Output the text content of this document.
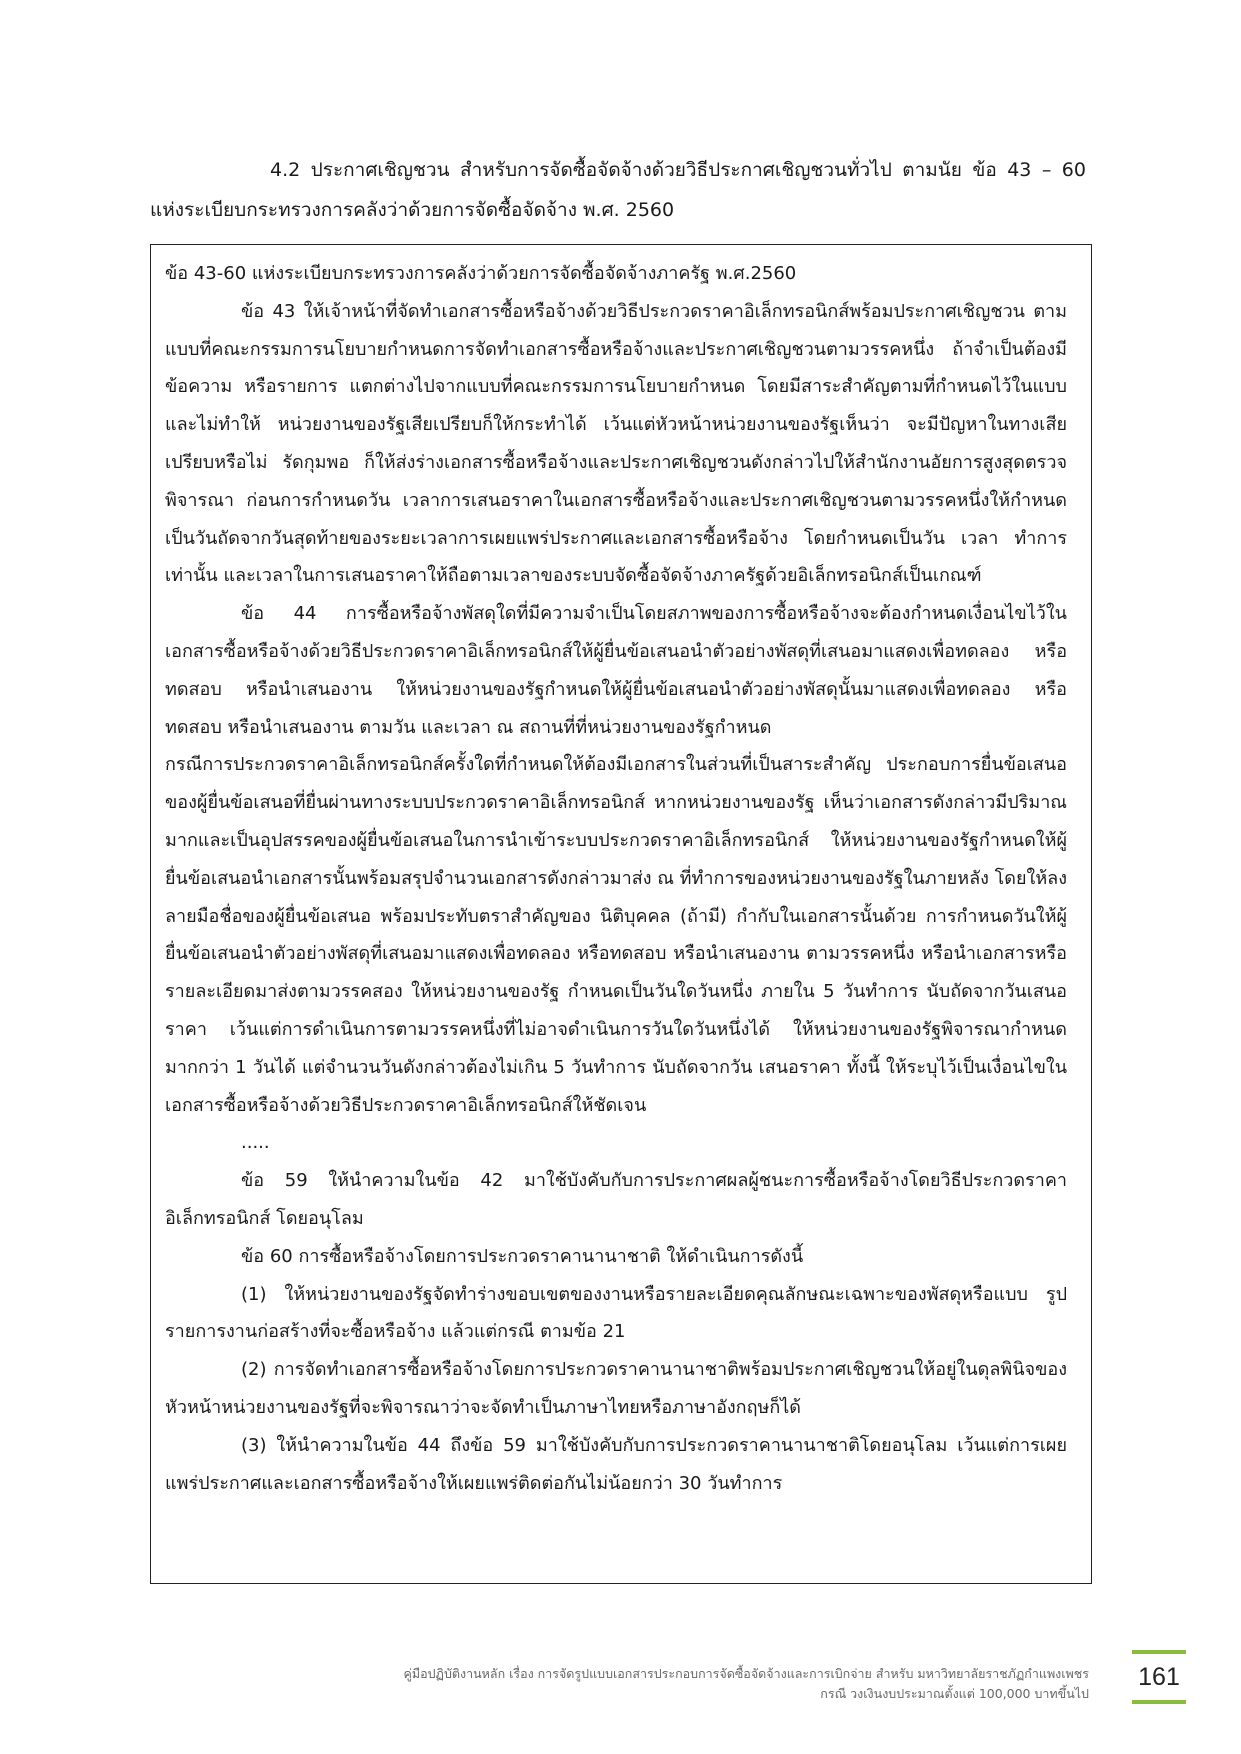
4.2 ประกาศเชิญชวน สำหรับการจัดซื้อจัดจ้างด้วยวิธีประกาศเชิญชวนทั่วไป ตามนัย ข้อ 43 – 60 แห่งระเบียบกระทรวงการคลังว่าด้วยการจัดซื้อจัดจ้าง พ.ศ. 2560

ข้อ 43-60 แห่งระเบียบกระทรวงการคลังว่าด้วยการจัดซื้อจัดจ้างภาครัฐ พ.ศ.2560

ข้อ 43 ให้เจ้าหน้าที่จัดทำเอกสารซื้อหรือจ้างด้วยวิธีประกวดราคาอิเล็กทรอนิกส์พร้อมประกาศเชิญชวน ตามแบบที่คณะกรรมการนโยบายกำหนดการจัดทำเอกสารซื้อหรือจ้างและประกาศเชิญชวนตามวรรคหนึ่ง ถ้าจำเป็นต้องมีข้อความ หรือรายการ แตกต่างไปจากแบบที่คณะกรรมการนโยบายกำหนด โดยมีสาระสำคัญตามที่กำหนดไว้ในแบบและไม่ทำให้ หน่วยงานของรัฐเสียเปรียบก็ให้กระทำได้ เว้นแต่หัวหน้าหน่วยงานของรัฐเห็นว่า จะมีปัญหาในทางเสียเปรียบหรือไม่ รัดกุมพอ ก็ให้ส่งร่างเอกสารซื้อหรือจ้างและประกาศเชิญชวนดังกล่าวไปให้สำนักงานอัยการสูงสุดตรวจพิจารณา ก่อนการกำหนดวัน เวลาการเสนอราคาในเอกสารซื้อหรือจ้างและประกาศเชิญชวนตามวรรคหนึ่งให้กำหนด เป็นวันถัดจากวันสุดท้ายของระยะเวลาการเผยแพร่ประกาศและเอกสารซื้อหรือจ้าง โดยกำหนดเป็นวัน เวลา ทำการเท่านั้น และเวลาในการเสนอราคาให้ถือตามเวลาของระบบจัดซื้อจัดจ้างภาครัฐด้วยอิเล็กทรอนิกส์เป็นเกณฑ์

ข้อ 44 การซื้อหรือจ้างพัสดุใดที่มีความจำเป็นโดยสภาพของการซื้อหรือจ้างจะต้องกำหนดเงื่อนไขไว้ใน เอกสารซื้อหรือจ้างด้วยวิธีประกวดราคาอิเล็กทรอนิกส์ให้ผู้ยื่นข้อเสนอนำตัวอย่างพัสดุที่เสนอมาแสดงเพื่อทดลอง หรือทดสอบ หรือนำเสนองาน ให้หน่วยงานของรัฐกำหนดให้ผู้ยื่นข้อเสนอนำตัวอย่างพัสดุนั้นมาแสดงเพื่อทดลอง หรือทดสอบ หรือนำเสนองาน ตามวัน และเวลา ณ สถานที่ที่หน่วยงานของรัฐกำหนด

กรณีการประกวดราคาอิเล็กทรอนิกส์ครั้งใดที่กำหนดให้ต้องมีเอกสารในส่วนที่เป็นสาระสำคัญ ประกอบการยื่นข้อเสนอของผู้ยื่นข้อเสนอที่ยื่นผ่านทางระบบประกวดราคาอิเล็กทรอนิกส์ หากหน่วยงานของรัฐ เห็นว่าเอกสารดังกล่าวมีปริมาณมากและเป็นอุปสรรคของผู้ยื่นข้อเสนอในการนำเข้าระบบประกวดราคาอิเล็กทรอนิกส์ ให้หน่วยงานของรัฐกำหนดให้ผู้ยื่นข้อเสนอนำเอกสารนั้นพร้อมสรุปจำนวนเอกสารดังกล่าวมาส่ง ณ ที่ทำการของหน่วยงานของรัฐในภายหลัง โดยให้ลงลายมือชื่อของผู้ยื่นข้อเสนอ พร้อมประทับตราสำคัญของ นิติบุคคล (ถ้ามี) กำกับในเอกสารนั้นด้วย การกำหนดวันให้ผู้ยื่นข้อเสนอนำตัวอย่างพัสดุที่เสนอมาแสดงเพื่อทดลอง หรือทดสอบ หรือนำเสนองาน ตามวรรคหนึ่ง หรือนำเอกสารหรือรายละเอียดมาส่งตามวรรคสอง ให้หน่วยงานของรัฐ กำหนดเป็นวันใดวันหนึ่ง ภายใน 5 วันทำการ นับถัดจากวันเสนอราคา เว้นแต่การดำเนินการตามวรรคหนึ่งที่ไม่อาจดำเนินการวันใดวันหนึ่งได้ ให้หน่วยงานของรัฐพิจารณากำหนดมากกว่า 1 วันได้ แต่จำนวนวันดังกล่าวต้องไม่เกิน 5 วันทำการ นับถัดจากวัน เสนอราคา ทั้งนี้ ให้ระบุไว้เป็นเงื่อนไขในเอกสารซื้อหรือจ้างด้วยวิธีประกวดราคาอิเล็กทรอนิกส์ให้ชัดเจน

.....

ข้อ 59 ให้นำความในข้อ 42 มาใช้บังคับกับการประกาศผลผู้ชนะการซื้อหรือจ้างโดยวิธีประกวดราคา อิเล็กทรอนิกส์ โดยอนุโลม

ข้อ 60 การซื้อหรือจ้างโดยการประกวดราคานานาชาติ ให้ดำเนินการดังนี้

(1) ให้หน่วยงานของรัฐจัดทำร่างขอบเขตของงานหรือรายละเอียดคุณลักษณะเฉพาะของพัสดุหรือแบบ รูปรายการงานก่อสร้างที่จะซื้อหรือจ้าง แล้วแต่กรณี ตามข้อ 21

(2) การจัดทำเอกสารซื้อหรือจ้างโดยการประกวดราคานานาชาติพร้อมประกาศเชิญชวนให้อยู่ในดุลพินิจของหัวหน้าหน่วยงานของรัฐที่จะพิจารณาว่าจะจัดทำเป็นภาษาไทยหรือภาษาอังกฤษก็ได้

(3) ให้นำความในข้อ 44 ถึงข้อ 59 มาใช้บังคับกับการประกวดราคานานาชาติโดยอนุโลม เว้นแต่การเผยแพร่ประกาศและเอกสารซื้อหรือจ้างให้เผยแพร่ติดต่อกันไม่น้อยกว่า 30 วันทำการ

คู่มือปฏิบัติงานหลัก เรื่อง การจัดรูปแบบเอกสารประกอบการจัดซื้อจัดจ้างและการเบิกจ่าย สำหรับ มหาวิทยาลัยราชภัฏกำแพงเพชร
กรณี วงเงินงบประมาณตั้งแต่ 100,000 บาทขึ้นไป
161
